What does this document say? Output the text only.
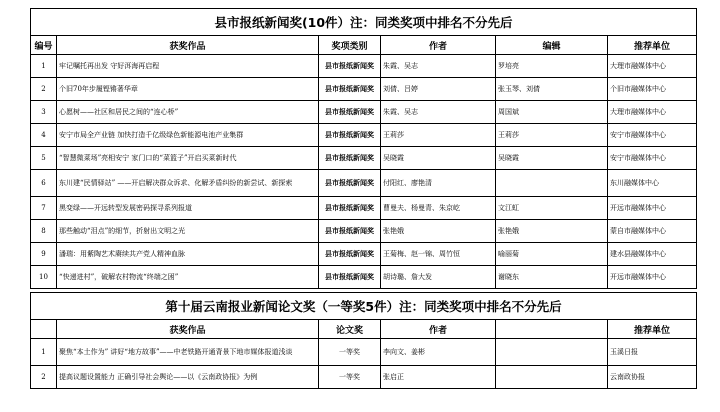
县市报纸新闻奖(10件）注：同类奖项中排名不分先后					
编号	获奖作品	奖项类别	作者	编辑	推荐单位
1	牢记嘱托再出发 守好洱海再启程	县市报纸新闻奖	朱霞、吴志	罗培亮	大理市融媒体中心
2	个旧70年步履铿锵著华章	县市报纸新闻奖	刘倩、吕婷	张玉琴、刘倩	个旧市融媒体中心
3	心愿树——社区和居民之间的“连心桥”	县市报纸新闻奖	朱霞、吴志	周国斌	大理市融媒体中心
4	安宁市局全产业链 加快打造千亿级绿色新能源电池产业集群	县市报纸新闻奖	王莉莎	王莉莎	安宁市融媒体中心
5	“智慧微菜场”亮相安宁 家门口的“菜篮子”开启买菜新时代	县市报纸新闻奖	吴晓霞	吴晓霞	安宁市融媒体中心
6	东川建“民情驿站” ——开启解决群众诉求、化解矛盾纠纷的新尝试、新探索	县市报纸新闻奖	付阳红、廖艳清		东川融媒体中心
7	黑变绿——开远转型发展密码探寻系列报道	县市报纸新闻奖	曹曼夫、杨曼青、朱京屹	文江虹	开远市融媒体中心
8	那些触动“泪点”的细节，折射出文明之光	县市报纸新闻奖	张艳娥	张艳娥	蒙自市融媒体中心
9	潘瑞：用紫陶艺术赓续共产党人精神血脉	县市报纸新闻奖	王菊梅、赵一锦、周竹恒	喻丽菊	建水县融媒体中心
10	“快递进村”，破解农村物流“终端之困”	县市报纸新闻奖	胡诗璐、詹大发	谢晓东	开远市融媒体中心

第十届云南报业新闻论文奖（一等奖5件）注：同类奖项中排名不分先后					
	获奖作品	论文奖	作者		推荐单位
1	聚焦“本土作为” 讲好“地方故事”——中老铁路开通背景下地市媒体报道浅谈	一等奖	李向文、姜彬		玉溪日报
2	提高议题设置能力 正确引导社会舆论——以《云南政协报》为例	一等奖	张启正		云南政协报
